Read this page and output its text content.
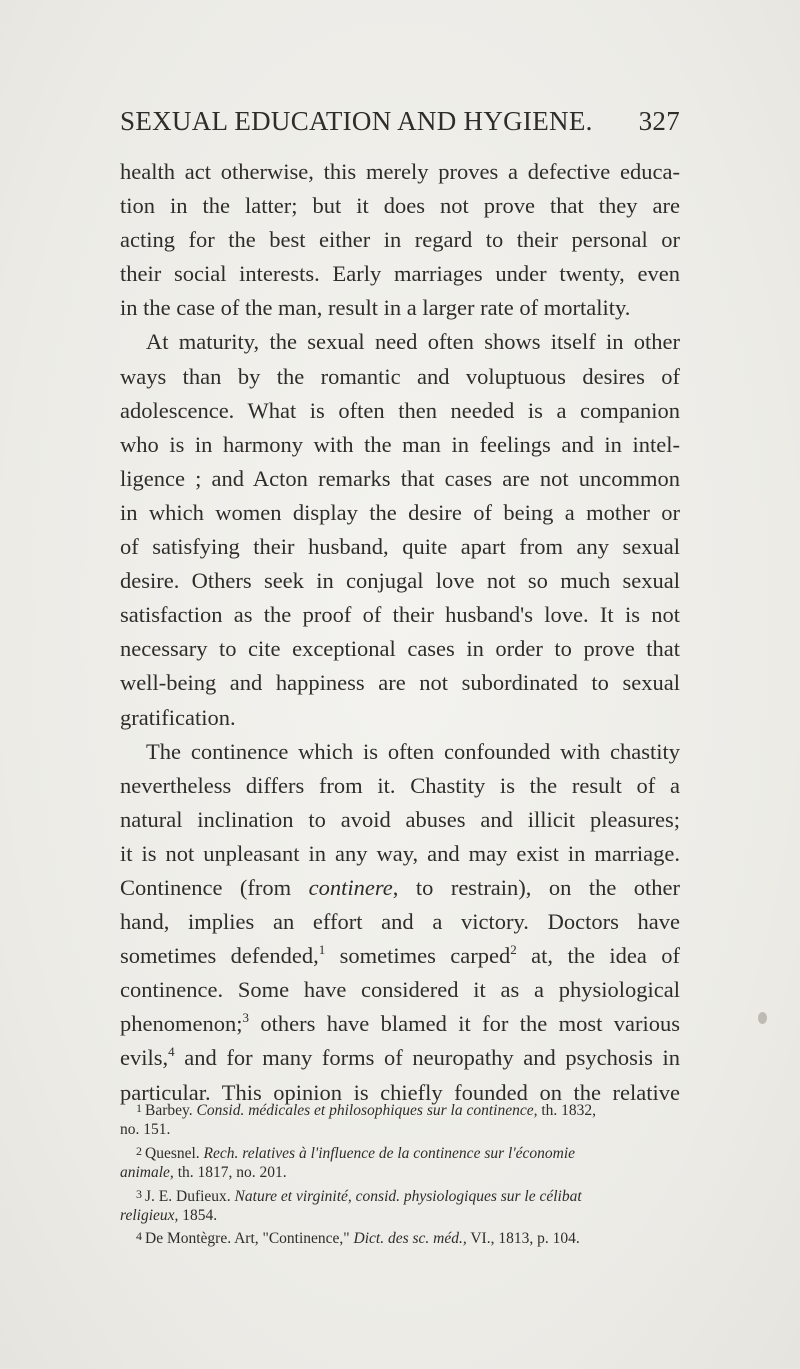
SEXUAL EDUCATION AND HYGIENE. 327
health act otherwise, this merely proves a defective educa-
tion in the latter; but it does not prove that they are
acting for the best either in regard to their personal or
their social interests. Early marriages under twenty, even
in the case of the man, result in a larger rate of mortality.
At maturity, the sexual need often shows itself in other
ways than by the romantic and voluptuous desires of
adolescence. What is often then needed is a companion
who is in harmony with the man in feelings and in intel-
ligence ; and Acton remarks that cases are not uncommon
in which women display the desire of being a mother or
of satisfying their husband, quite apart from any sexual
desire. Others seek in conjugal love not so much sexual
satisfaction as the proof of their husband's love. It is not
necessary to cite exceptional cases in order to prove that
well-being and happiness are not subordinated to sexual
gratification.
The continence which is often confounded with chastity
nevertheless differs from it. Chastity is the result of a
natural inclination to avoid abuses and illicit pleasures;
it is not unpleasant in any way, and may exist in marriage.
Continence (from continere, to restrain), on the other
hand, implies an effort and a victory. Doctors have
sometimes defended,$^1$ sometimes carped$^2$ at, the idea of
continence. Some have considered it as a physiological
phenomenon;$^3$ others have blamed it for the most various
evils,$^4$ and for many forms of neuropathy and psychosis in
particular. This opinion is chiefly founded on the relative
1 Barbey. Consid. médicales et philosophiques sur la continence, th. 1832,
no. 151.
2 Quesnel. Rech. relatives à l'influence de la continence sur l'économie
animale, th. 1817, no. 201.
3 J. E. Dufieux. Nature et virginité, consid. physiologiques sur le célibat
religieux, 1854.
4 De Montègre. Art, "Continence," Dict. des sc. méd., VI., 1813, p. 104.
